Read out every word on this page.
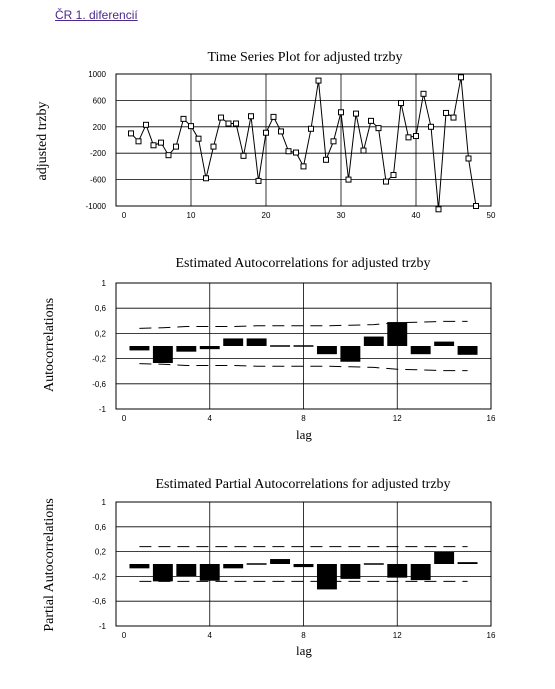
ČR 1. diferencií
Time Series Plot for adjusted trzby
adjusted trzby
Estimated Autocorrelations for adjusted trzby
Autocorrelations
lag
Estimated Partial Autocorrelations for adjusted trzby
Partial Autocorrelations
lag
0	10	20	30	40	50
1000
600
200
-200
-600
-1000
0	4	8	12	16
1
0,6
0,2
-0,2
-0,6
-1
0	4	8	12	16
1
0,6
0,2
-0,2
-0,6
-1
